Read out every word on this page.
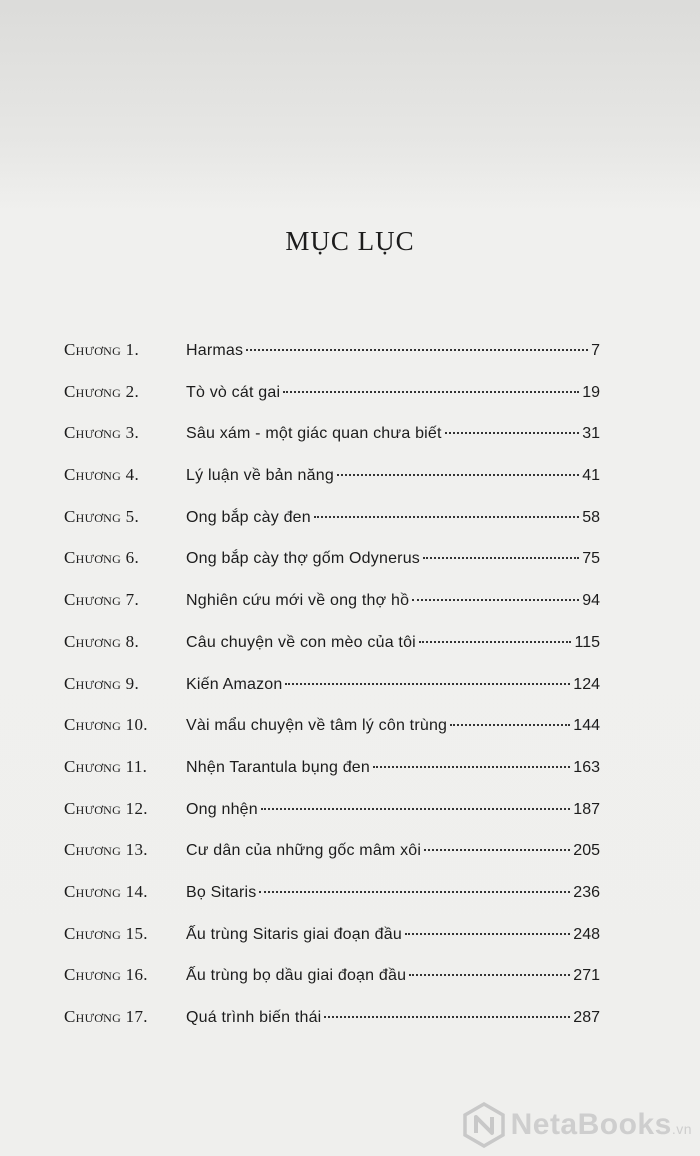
MỤC LỤC
Chương 1.	Harmas	7
Chương 2.	Tò vò cát gai	19
Chương 3.	Sâu xám - một giác quan chưa biết	31
Chương 4.	Lý luận về bản năng	41
Chương 5.	Ong bắp cày đen	58
Chương 6.	Ong bắp cày thợ gốm Odynerus	75
Chương 7.	Nghiên cứu mới về ong thợ hồ	94
Chương 8.	Câu chuyện về con mèo của tôi	115
Chương 9.	Kiến Amazon	124
Chương 10.	Vài mẩu chuyện về tâm lý côn trùng	144
Chương 11.	Nhện Tarantula bụng đen	163
Chương 12.	Ong nhện	187
Chương 13.	Cư dân của những gốc mâm xôi	205
Chương 14.	Bọ Sitaris	236
Chương 15.	Ấu trùng Sitaris giai đoạn đầu	248
Chương 16.	Ấu trùng bọ dầu giai đoạn đầu	271
Chương 17.	Quá trình biến thái	287
NetaBooks.vn
